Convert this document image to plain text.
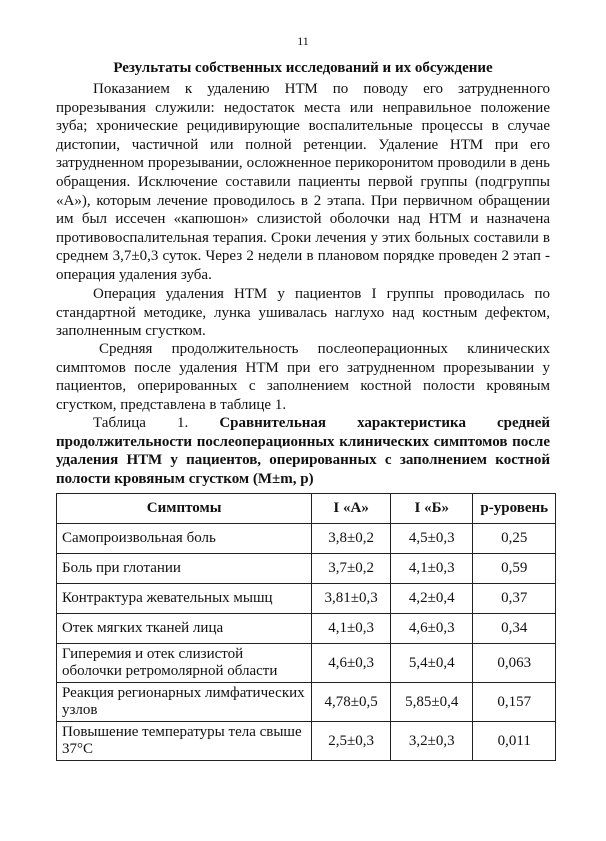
11
Результаты собственных исследований и их обсуждение

Показанием к удалению НТМ по поводу его затрудненного прорезывания служили: недостаток места или неправильное положение зуба; хронические рецидивирующие воспалительные процессы в случае дистопии, частичной или полной ретенции. Удаление НТМ при его затрудненном прорезывании, осложненное перикоронитом проводили в день обращения. Исключение составили пациенты первой группы (подгруппы «А»), которым лечение проводилось в 2 этапа. При первичном обращении им был иссечен «капюшон» слизистой оболочки над НТМ и назначена противовоспалительная терапия. Сроки лечения у этих больных составили в среднем 3,7±0,3 суток. Через 2 недели в плановом порядке проведен 2 этап - операция удаления зуба.

Операция удаления НТМ у пациентов I группы проводилась по стандартной методике, лунка ушивалась наглухо над костным дефектом, заполненным сгустком.

Средняя продолжительность послеоперационных клинических симптомов после удаления НТМ при его затрудненном прорезывании у пациентов, оперированных с заполнением костной полости кровяным сгустком, представлена в таблице 1.

Таблица 1. Сравнительная характеристика средней продолжительности послеоперационных клинических симптомов после удаления НТМ у пациентов, оперированных с заполнением костной полости кровяным сгустком (M±m, p)

Симптомы	I «А»	I «Б»	р-уровень
Самопроизвольная боль	3,8±0,2	4,5±0,3	0,25
Боль при глотании	3,7±0,2	4,1±0,3	0,59
Контрактура жевательных мышц	3,81±0,3	4,2±0,4	0,37
Отек мягких тканей лица	4,1±0,3	4,6±0,3	0,34
Гиперемия и отек слизистой оболочки ретромолярной области	4,6±0,3	5,4±0,4	0,063
Реакция регионарных лимфатических узлов	4,78±0,5	5,85±0,4	0,157
Повышение температуры тела свыше 37°С	2,5±0,3	3,2±0,3	0,011
